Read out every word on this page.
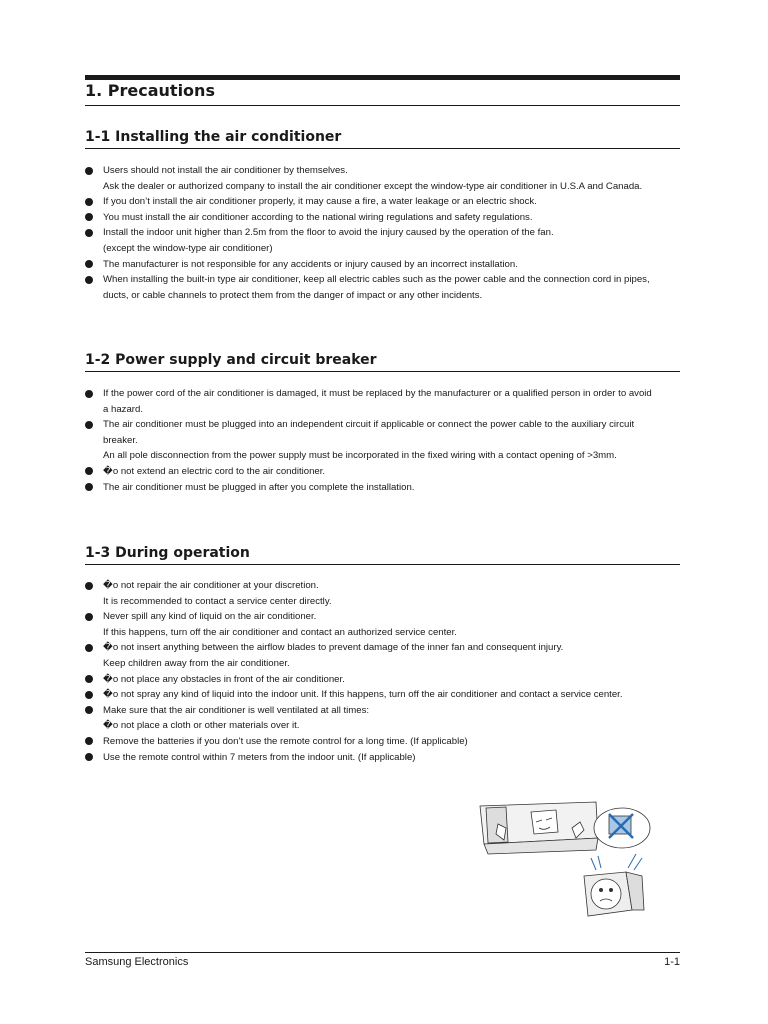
1. Precautions
1-1 Installing the air conditioner
Users should not install the air conditioner by themselves.
Ask the dealer or authorized company to install the air conditioner except the window-type air conditioner in U.S.A and Canada.
If you don’t install the air conditioner properly, it may cause a fire, a water leakage or an electric shock.
You must install the air conditioner according to the national wiring regulations and safety regulations.
Install the indoor unit higher than 2.5m from the floor to avoid the injury caused by the operation of the fan.
(except the window-type air conditioner)
The manufacturer is not responsible for any accidents or injury caused by an incorrect installation.
When installing the built-in type air conditioner, keep all electric cables such as the power cable and the connection cord in pipes,
ducts, or cable channels to protect them from the danger of impact or any other incidents.
1-2 Power supply and circuit breaker
If the power cord of the air conditioner is damaged, it must be replaced by the manufacturer or a qualified person in order to avoid
a hazard.
The air conditioner must be plugged into an independent circuit if applicable or connect the power cable to the auxiliary circuit
breaker.
An all pole disconnection from the power supply must be incorporated in the fixed wiring with a contact opening of >3mm.
�o not extend an electric cord to the air conditioner.
The air conditioner must be plugged in after you complete the installation.
1-3 During operation
�o not repair the air conditioner at your discretion.
It is recommended to contact a service center directly.
Never spill any kind of liquid on the air conditioner.
If this happens, turn off the air conditioner and contact an authorized service center.
�o not insert anything between the airflow blades to prevent damage of the inner fan and consequent injury.
Keep children away from the air conditioner.
�o not place any obstacles in front of the air conditioner.
�o not spray any kind of liquid into the indoor unit. If this happens, turn off the air conditioner and contact a service center.
Make sure that the air conditioner is well ventilated at all times:
�o not place a cloth or other materials over it.
Remove the batteries if you don’t use the remote control for a long time. (If applicable)
Use the remote control within 7 meters from the indoor unit. (If applicable)
Samsung Electronics	1-1
